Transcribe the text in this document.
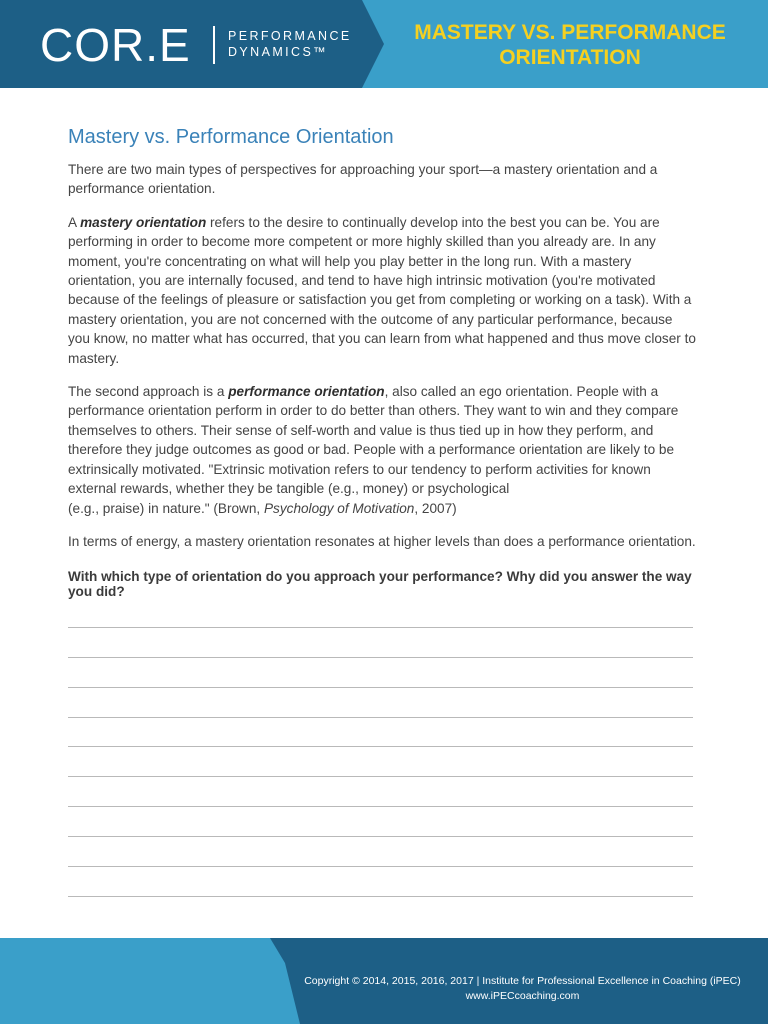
COR.E	PERFORMANCE
DYNAMICS™
MASTERY VS. PERFORMANCE
ORIENTATION
Mastery vs. Performance Orientation

There are two main types of perspectives for approaching your sport—a mastery orientation and a performance orientation.

A mastery orientation refers to the desire to continually develop into the best you can be. You are performing in order to become more competent or more highly skilled than you already are. In any moment, you're concentrating on what will help you play better in the long run. With a mastery orientation, you are internally focused, and tend to have high intrinsic motivation (you're motivated because of the feelings of pleasure or satisfaction you get from completing or working on a task). With a mastery orientation, you are not concerned with the outcome of any particular performance, because you know, no matter what has occurred, that you can learn from what happened and thus move closer to mastery.

The second approach is a performance orientation, also called an ego orientation. People with a performance orientation perform in order to do better than others. They want to win and they compare themselves to others. Their sense of self-worth and value is thus tied up in how they perform, and therefore they judge outcomes as good or bad. People with a performance orientation are likely to be extrinsically motivated. "Extrinsic motivation refers to our tendency to perform activities for known external rewards, whether they be tangible (e.g., money) or psychological
(e.g., praise) in nature." (Brown, Psychology of Motivation, 2007)

In terms of energy, a mastery orientation resonates at higher levels than does a performance orientation.

With which type of orientation do you approach your performance? Why did you answer the way you did?

Copyright © 2014, 2015, 2016, 2017 | Institute for Professional Excellence in Coaching (iPEC)
www.iPECcoaching.com
